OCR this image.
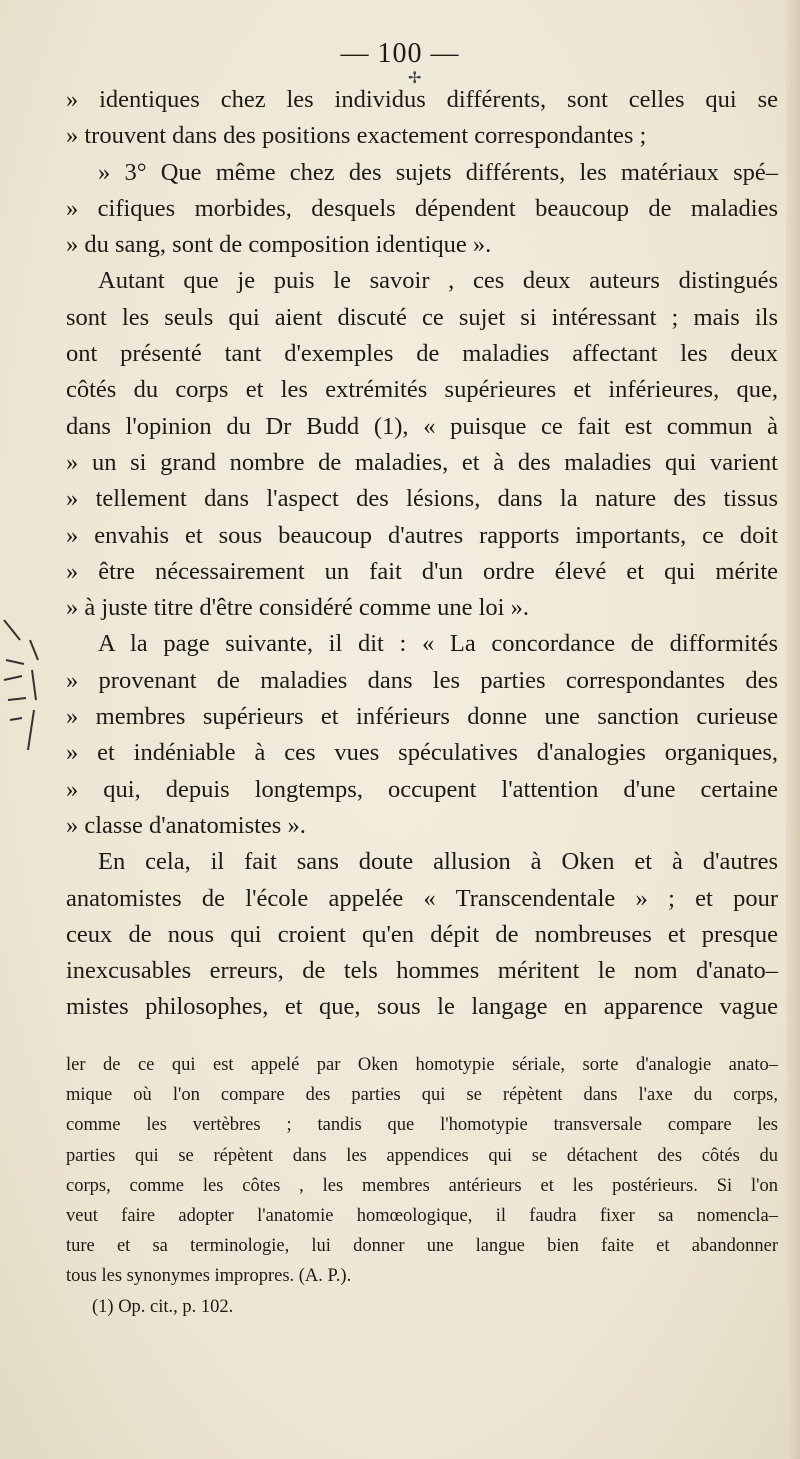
— 100 —
✢
» identiques chez les individus différents, sont celles qui se
» trouvent dans des positions exactement correspondantes ;
» 3° Que même chez des sujets différents, les matériaux spé–
» cifiques morbides, desquels dépendent beaucoup de maladies
» du sang, sont de composition identique ».
Autant que je puis le savoir , ces deux auteurs distingués
sont les seuls qui aient discuté ce sujet si intéressant ; mais ils
ont présenté tant d'exemples de maladies affectant les deux
côtés du corps et les extrémités supérieures et inférieures, que,
dans l'opinion du Dr Budd (1), « puisque ce fait est commun à
» un si grand nombre de maladies, et à des maladies qui varient
» tellement dans l'aspect des lésions, dans la nature des tissus
» envahis et sous beaucoup d'autres rapports importants, ce doit
» être nécessairement un fait d'un ordre élevé et qui mérite
» à juste titre d'être considéré comme une loi ».
A la page suivante, il dit : « La concordance de difformités
» provenant de maladies dans les parties correspondantes des
» membres supérieurs et inférieurs donne une sanction curieuse
» et indéniable à ces vues spéculatives d'analogies organiques,
» qui, depuis longtemps, occupent l'attention d'une certaine
» classe d'anatomistes ».
En cela, il fait sans doute allusion à Oken et à d'autres
anatomistes de l'école appelée « Transcendentale » ; et pour
ceux de nous qui croient qu'en dépit de nombreuses et presque
inexcusables erreurs, de tels hommes méritent le nom d'anato–
mistes philosophes, et que, sous le langage en apparence vague
ler de ce qui est appelé par Oken homotypie sériale, sorte d'analogie anato–
mique où l'on compare des parties qui se répètent dans l'axe du corps,
comme les vertèbres ; tandis que l'homotypie transversale compare les
parties qui se répètent dans les appendices qui se détachent des côtés du
corps, comme les côtes , les membres antérieurs et les postérieurs. Si l'on
veut faire adopter l'anatomie homœologique, il faudra fixer sa nomencla–
ture et sa terminologie, lui donner une langue bien faite et abandonner
tous les synonymes impropres. (A. P.).
(1) Op. cit., p. 102.
